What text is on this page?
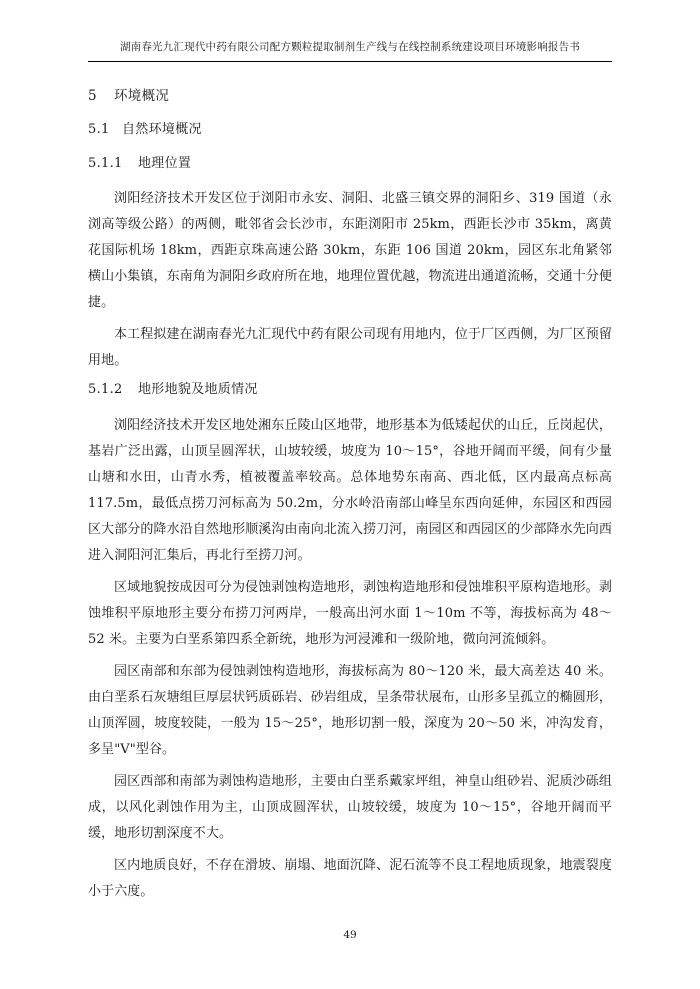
湖南春光九汇现代中药有限公司配方颗粒提取制剂生产线与在线控制系统建设项目环境影响报告书
5 环境概况
5.1 自然环境概况
5.1.1 地理位置

浏阳经济技术开发区位于浏阳市永安、洞阳、北盛三镇交界的洞阳乡、319 国道（永浏高等级公路）的两侧，毗邻省会长沙市，东距浏阳市 25km，西距长沙市 35km，离黄花国际机场 18km，西距京珠高速公路 30km，东距 106 国道 20km，园区东北角紧邻横山小集镇，东南角为洞阳乡政府所在地，地理位置优越，物流进出通道流畅，交通十分便捷。

本工程拟建在湖南春光九汇现代中药有限公司现有用地内，位于厂区西侧，为厂区预留用地。

5.1.2 地形地貌及地质情况

浏阳经济技术开发区地处湘东丘陵山区地带，地形基本为低矮起伏的山丘，丘岗起伏，基岩广泛出露，山顶呈圆浑状，山坡较缓，坡度为 10～15°，谷地开阔而平缓，间有少量山塘和水田，山青水秀，植被覆盖率较高。总体地势东南高、西北低，区内最高点标高 117.5m，最低点捞刀河标高为 50.2m，分水岭沿南部山峰呈东西向延伸，东园区和西园区大部分的降水沿自然地形顺溪沟由南向北流入捞刀河，南园区和西园区的少部降水先向西进入洞阳河汇集后，再北行至捞刀河。

区域地貌按成因可分为侵蚀剥蚀构造地形，剥蚀构造地形和侵蚀堆积平原构造地形。剥蚀堆积平原地形主要分布捞刀河两岸，一般高出河水面 1～10m 不等，海拔标高为 48～52 米。主要为白垩系第四系全新统，地形为河浸滩和一级阶地，微向河流倾斜。

园区南部和东部为侵蚀剥蚀构造地形，海拔标高为 80～120 米，最大高差达 40 米。由白垩系石灰塘组巨厚层状钙质砾岩、砂岩组成，呈条带状展布，山形多呈孤立的椭圆形，山顶浑圆，坡度较陡，一般为 15～25°，地形切割一般，深度为 20～50 米，冲沟发育，多呈"V"型谷。

园区西部和南部为剥蚀构造地形，主要由白垩系戴家坪组，神皇山组砂岩、泥质沙砾组成，以风化剥蚀作用为主，山顶成圆浑状，山坡较缓，坡度为 10～15°，谷地开阔而平缓，地形切割深度不大。

区内地质良好，不存在滑坡、崩塌、地面沉降、泥石流等不良工程地质现象，地震裂度小于六度。

49
